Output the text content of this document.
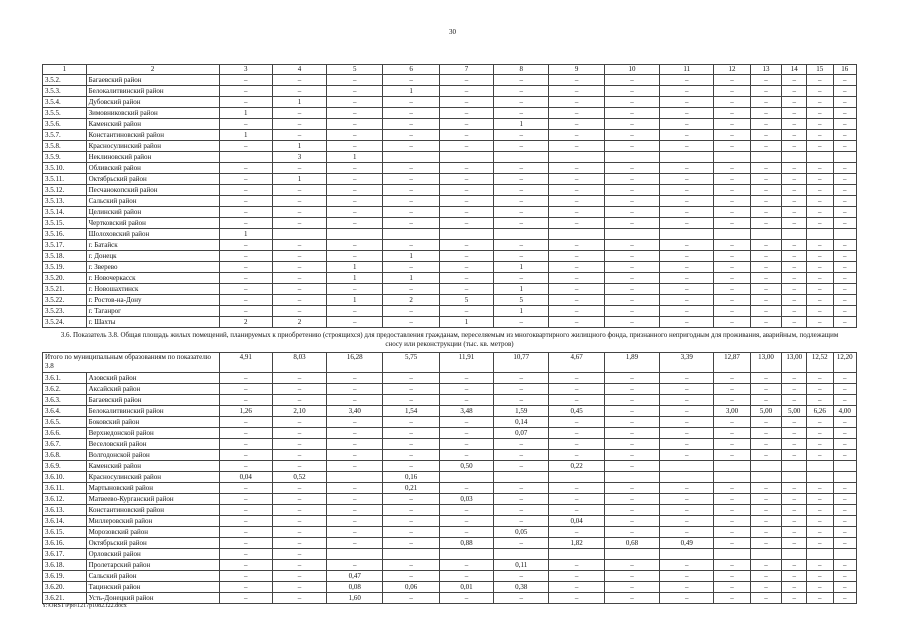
30
1	2	3	4	5	6	7	8	9	10	11	12	13	14	15	16
3.5.2.	Багаевский район	–	–	–	–	–	–	–	–	–	–	–	–	–	–
3.5.3.	Белокалитвинский район	–	–	–	1	–	–	–	–	–	–	–	–	–	–
3.5.4.	Дубовский район	–	1	–	–	–	–	–	–	–	–	–	–	–	–
3.5.5.	Зимовниковский район	1	–	–	–	–	–	–	–	–	–	–	–	–	–
3.5.6.	Каменский район	–	–	–	–	–	1	–	–	–	–	–	–	–	–
3.5.7.	Константиновский район	1	–	–	–	–	–	–	–	–	–	–	–	–	–
3.5.8.	Красносулинский район	–	1	–	–	–	–	–	–	–	–	–	–	–	–
3.5.9.	Неклиновский район		3	1											
3.5.10.	Обливский район	–	–	–	–	–	–	–	–	–	–	–	–	–	–
3.5.11.	Октябрьский район	–	1	–	–	–	–	–	–	–	–	–	–	–	–
3.5.12.	Песчанокопский район	–	–	–	–	–	–	–	–	–	–	–	–	–	–
3.5.13.	Сальский район	–	–	–	–	–	–	–	–	–	–	–	–	–	–
3.5.14.	Целинский район	–	–	–	–	–	–	–	–	–	–	–	–	–	–
3.5.15.	Чертковский район	–	–	–	–	–	–	–	–	–	–	–	–	–	–
3.5.16.	Шолоховский район	1													
3.5.17.	г. Батайск	–	–	–	–	–	–	–	–	–	–	–	–	–	–
3.5.18.	г. Донецк	–	–	–	1	–	–	–	–	–	–	–	–	–	–
3.5.19.	г. Зверево	–	–	1	–	–	1	–	–	–	–	–	–	–	–
3.5.20.	г. Новочеркасск	–	–	1	1	–	–	–	–	–	–	–	–	–	–
3.5.21.	г. Новошахтинск	–	–	–	–	–	1	–	–	–	–	–	–	–	–
3.5.22.	г. Ростов-на-Дону	–	–	1	2	5	5	–	–	–	–	–	–	–	–
3.5.23.	г. Таганрог	–	–	–	–	–	1	–	–	–	–	–	–	–	–
3.5.24.	г. Шахты	2	2	–	–	1	–	–	–	–	–	–	–	–	–
3.6. Показатель 3.8. Общая площадь жилых помещений, планируемых к приобретению (строящихся) для предоставления гражданам, переселяемым из многоквартирного жилищного фонда, признанного непригодным для проживания, аварийным, подлежащим сносу или реконструкции (тыс. кв. метров)															
Итого по муниципальным образованиям по показателю 3.8		4,91	8,03	16,28	5,75	11,91	10,77	4,67	1,89	3,39	12,87	13,00	13,00	12,52	12,20
3.6.1.	Азовский район	–	–	–	–	–	–	–	–	–	–	–	–	–	–
3.6.2.	Аксайский район	–	–	–	–	–	–	–	–	–	–	–	–	–	–
3.6.3.	Багаевский район	–	–	–	–	–	–	–	–	–	–	–	–	–	–
3.6.4.	Белокалитвинский район	1,26	2,10	3,40	1,54	3,48	1,59	0,45	–	–	3,00	5,00	5,00	6,26	4,00
3.6.5.	Боковский район	–	–	–	–	–	0,14	–	–	–	–	–	–	–	–
3.6.6.	Верхнедонской район	–	–	–	–	–	0,07	–	–	–	–	–	–	–	–
3.6.7.	Веселовский район	–	–	–	–	–	–	–	–	–	–	–	–	–	–
3.6.8.	Волгодонской район	–	–	–	–	–	–	–	–	–	–	–	–	–	–
3.6.9.	Каменский район	–	–	–	–	0,50	–	0,22	–						
3.6.10.	Красносулинский район	0,04	0,52		0,16										
3.6.11.	Мартыновский район	–	–	–	0,21	–	–	–	–	–	–	–	–	–	–
3.6.12.	Матвеево-Курганский район	–	–	–	–	0,03	–	–	–	–	–	–	–	–	–
3.6.13.	Константиновский район	–	–	–	–	–	–	–	–	–	–	–	–	–	–
3.6.14.	Миллеровский район	–	–	–	–	–	–	0,04	–	–	–	–	–	–	–
3.6.15.	Морозовский район	–	–	–	–	–	0,05	–	–	–	–	–	–	–	–
3.6.16.	Октябрьский район	–	–	–	–	0,88	–	1,82	0,68	0,49	–	–	–	–	–
3.6.17.	Орловский район	–	–												
3.6.18.	Пролетарский район	–	–	–	–	–	0,11	–	–	–	–	–	–	–	–
3.6.19.	Сальский район	–	–	0,47	–	–	–	–	–	–	–	–	–	–	–
3.6.20.	Тацинский район	–	–	0,08	0,06	0,01	0,38	–	–	–	–	–	–	–	–
3.6.21.	Усть-Донецкий район	–	–	1,60	–	–	–	–	–	–	–	–	–	–	–
Y:\ORST\Ppo\1217p1082.f22.docx
